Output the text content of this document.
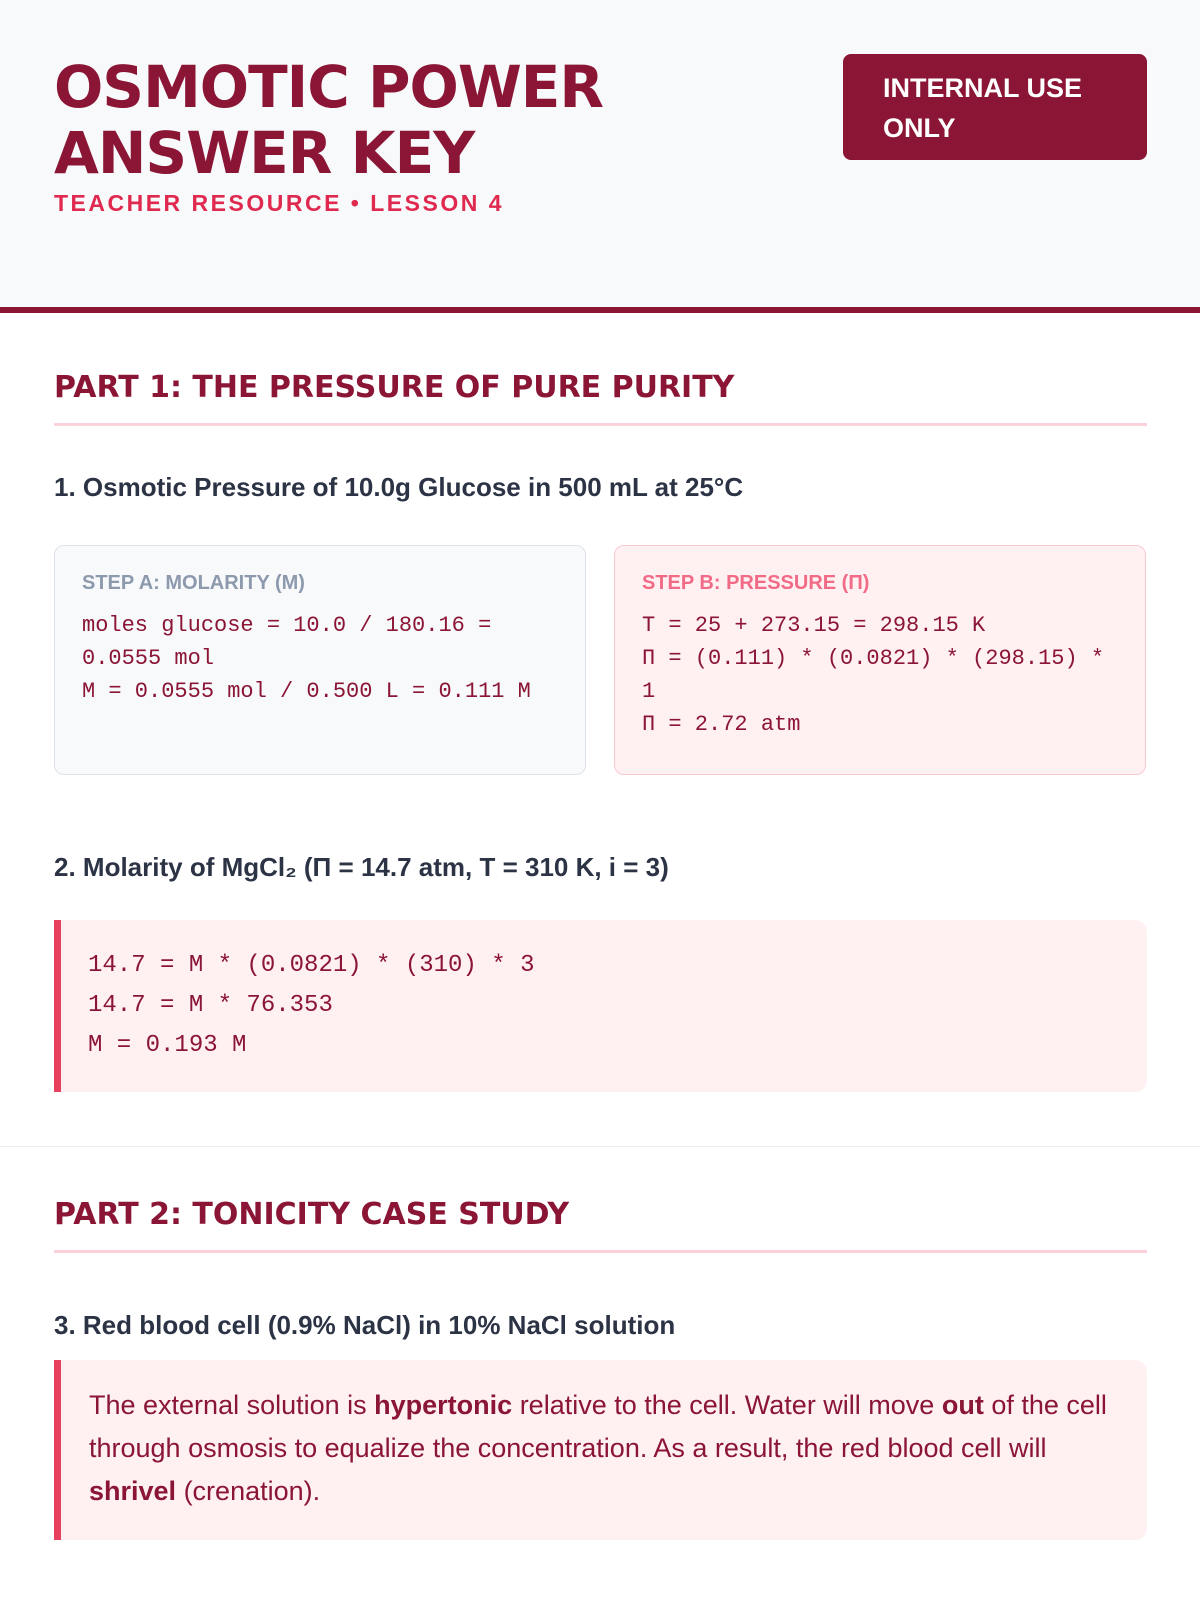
OSMOTIC POWER
ANSWER KEY
TEACHER RESOURCE • LESSON 4
INTERNAL USE
ONLY
PART 1: THE PRESSURE OF PURE PURITY
1. Osmotic Pressure of 10.0g Glucose in 500 mL at 25°C
STEP A: MOLARITY (M)
moles glucose = 10.0 / 180.16 = 0.0555 mol
M = 0.0555 mol / 0.500 L = 0.111 M
STEP B: PRESSURE (Π)
T = 25 + 273.15 = 298.15 K
Π = (0.111) * (0.0821) * (298.15) * 1
Π = 2.72 atm
2. Molarity of MgCl₂ (Π = 14.7 atm, T = 310 K, i = 3)
14.7 = M * (0.0821) * (310) * 3
14.7 = M * 76.353
M = 0.193 M
PART 2: TONICITY CASE STUDY
3. Red blood cell (0.9% NaCl) in 10% NaCl solution
The external solution is hypertonic relative to the cell. Water will move out of the cell through osmosis to equalize the concentration. As a result, the red blood cell will shrivel (crenation).
